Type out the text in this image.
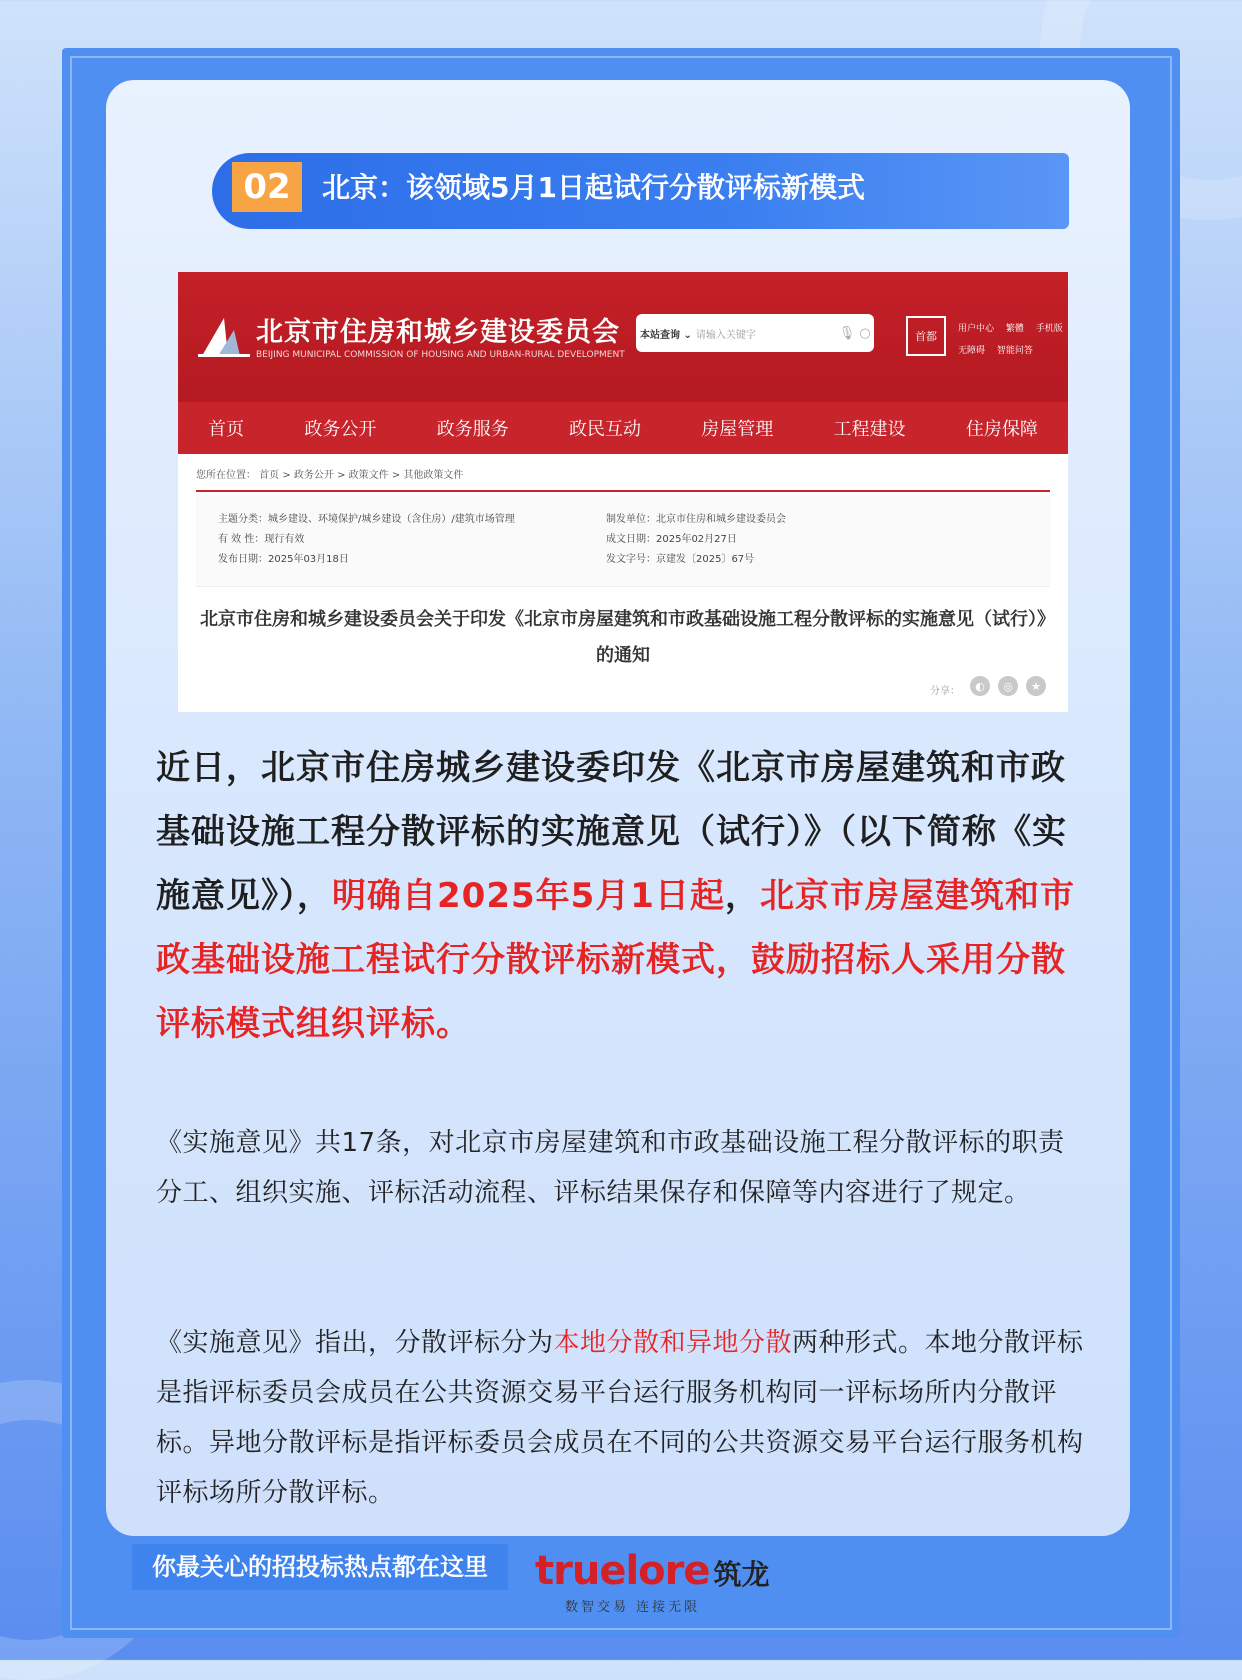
02	北京：该领域5月1日起试行分散评标新模式
北京市住房和城乡建设委员会
BEIJING MUNICIPAL COMMISSION OF HOUSING AND URBAN-RURAL DEVELOPMENT
本站查询 ⌄ 请输入关键字	🎙 ○	首都
用户中心 繁體 手机版
无障碍 智能问答
首页	政务公开	政务服务	政民互动	房屋管理	工程建设	住房保障
您所在位置： 首页 > 政务公开 > 政策文件 > 其他政策文件
主题分类：城乡建设、环境保护/城乡建设（含住房）/建筑市场管理
有 效 性：现行有效
发布日期：2025年03月18日
制发单位：北京市住房和城乡建设委员会
成文日期：2025年02月27日
发文字号：京建发〔2025〕67号
北京市住房和城乡建设委员会关于印发《北京市房屋建筑和市政基础设施工程分散评标的实施意见（试行）》的通知
分享：	◐	◎	★
近日，北京市住房城乡建设委印发《北京市房屋建筑和市政基础设施工程分散评标的实施意见（试行）》（以下简称《实施意见》），明确自2025年5月1日起，北京市房屋建筑和市政基础设施工程试行分散评标新模式，鼓励招标人采用分散评标模式组织评标。
《实施意见》共17条，对北京市房屋建筑和市政基础设施工程分散评标的职责分工、组织实施、评标活动流程、评标结果保存和保障等内容进行了规定。
《实施意见》指出，分散评标分为本地分散和异地分散两种形式。本地分散评标是指评标委员会成员在公共资源交易平台运行服务机构同一评标场所内分散评标。异地分散评标是指评标委员会成员在不同的公共资源交易平台运行服务机构评标场所分散评标。
你最关心的招投标热点都在这里	truelore 筑龙
数智交易 连接无限
